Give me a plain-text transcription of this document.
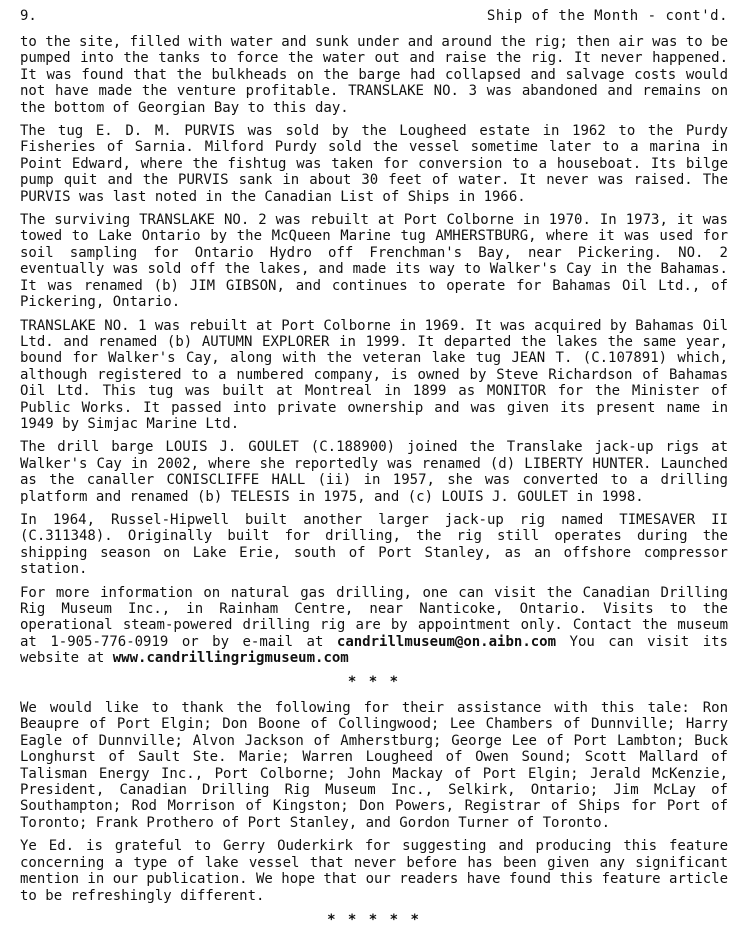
9.	Ship of the Month - cont'd.

to the site, filled with water and sunk under and around the rig; then air was to be pumped into the tanks to force the water out and raise the rig. It never happened. It was found that the bulkheads on the barge had collapsed and salvage costs would not have made the venture profitable. TRANSLAKE NO. 3 was abandoned and remains on the bottom of Georgian Bay to this day.

The tug E. D. M. PURVIS was sold by the Lougheed estate in 1962 to the Purdy Fisheries of Sarnia. Milford Purdy sold the vessel sometime later to a marina in Point Edward, where the fishtug was taken for conversion to a houseboat. Its bilge pump quit and the PURVIS sank in about 30 feet of water. It never was raised. The PURVIS was last noted in the Canadian List of Ships in 1966.

The surviving TRANSLAKE NO. 2 was rebuilt at Port Colborne in 1970. In 1973, it was towed to Lake Ontario by the McQueen Marine tug AMHERSTBURG, where it was used for soil sampling for Ontario Hydro off Frenchman's Bay, near Pickering. NO. 2 eventually was sold off the lakes, and made its way to Walker's Cay in the Bahamas. It was renamed (b) JIM GIBSON, and continues to operate for Bahamas Oil Ltd., of Pickering, Ontario.

TRANSLAKE NO. 1 was rebuilt at Port Colborne in 1969. It was acquired by Bahamas Oil Ltd. and renamed (b) AUTUMN EXPLORER in 1999. It departed the lakes the same year, bound for Walker's Cay, along with the veteran lake tug JEAN T. (C.107891) which, although registered to a numbered company, is owned by Steve Richardson of Bahamas Oil Ltd. This tug was built at Montreal in 1899 as MONITOR for the Minister of Public Works. It passed into private ownership and was given its present name in 1949 by Simjac Marine Ltd.

The drill barge LOUIS J. GOULET (C.188900) joined the Translake jack-up rigs at Walker's Cay in 2002, where she reportedly was renamed (d) LIBERTY HUNTER. Launched as the canaller CONISCLIFFE HALL (ii) in 1957, she was converted to a drilling platform and renamed (b) TELESIS in 1975, and (c) LOUIS J. GOULET in 1998.

In 1964, Russel-Hipwell built another larger jack-up rig named TIMESAVER II (C.311348). Originally built for drilling, the rig still operates during the shipping season on Lake Erie, south of Port Stanley, as an offshore compressor station.

For more information on natural gas drilling, one can visit the Canadian Drilling Rig Museum Inc., in Rainham Centre, near Nanticoke, Ontario. Visits to the operational steam-powered drilling rig are by appointment only. Contact the museum at 1-905-776-0919 or by e-mail at candrillmuseum@on.aibn.com You can visit its website at www.candrillingrigmuseum.com

* * *

We would like to thank the following for their assistance with this tale: Ron Beaupre of Port Elgin; Don Boone of Collingwood; Lee Chambers of Dunnville; Harry Eagle of Dunnville; Alvon Jackson of Amherstburg; George Lee of Port Lambton; Buck Longhurst of Sault Ste. Marie; Warren Lougheed of Owen Sound; Scott Mallard of Talisman Energy Inc., Port Colborne; John Mackay of Port Elgin; Jerald McKenzie, President, Canadian Drilling Rig Museum Inc., Selkirk, Ontario; Jim McLay of Southampton; Rod Morrison of Kingston; Don Powers, Registrar of Ships for Port of Toronto; Frank Prothero of Port Stanley, and Gordon Turner of Toronto.

Ye Ed. is grateful to Gerry Ouderkirk for suggesting and producing this feature concerning a type of lake vessel that never before has been given any significant mention in our publication. We hope that our readers have found this feature article to be refreshingly different.

* * * * *
